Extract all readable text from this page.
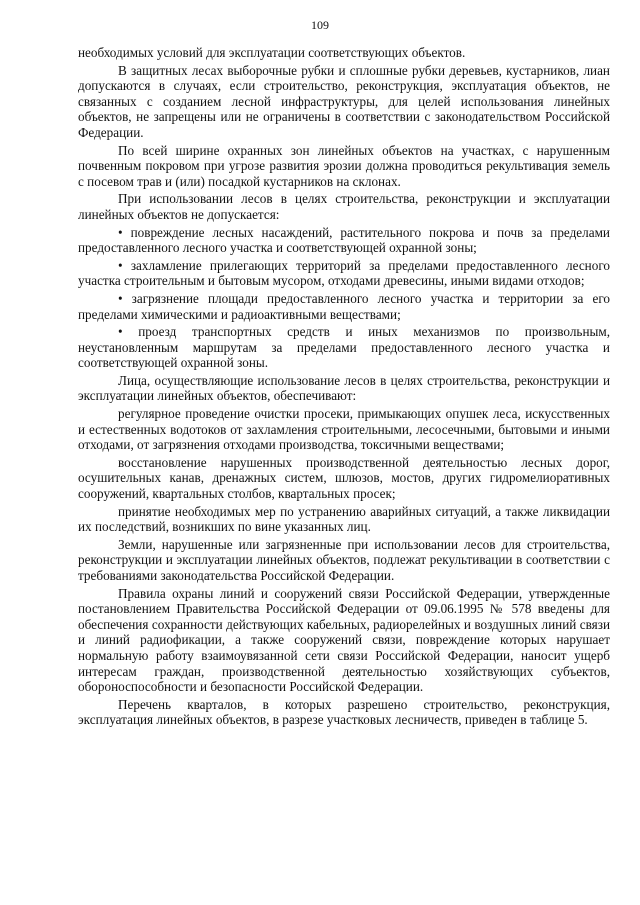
109

необходимых условий для эксплуатации соответствующих объектов.

В защитных лесах выборочные рубки и сплошные рубки деревьев, кустарников, лиан допускаются в случаях, если строительство, реконструкция, эксплуатация объектов, не связанных с созданием лесной инфраструктуры, для целей использования линейных объектов, не запрещены или не ограничены в соответствии с законодательством Российской Федерации.

По всей ширине охранных зон линейных объектов на участках, с нарушенным почвенным покровом при угрозе развития эрозии должна проводиться рекультивация земель с посевом трав и (или) посадкой кустарников на склонах.

При использовании лесов в целях строительства, реконструкции и эксплуатации линейных объектов не допускается:

• повреждение лесных насаждений, растительного покрова и почв за пределами предоставленного лесного участка и соответствующей охранной зоны;

• захламление прилегающих территорий за пределами предоставленного лесного участка строительным и бытовым мусором, отходами древесины, иными видами отходов;

• загрязнение площади предоставленного лесного участка и территории за его пределами химическими и радиоактивными веществами;

• проезд транспортных средств и иных механизмов по произвольным, неустановленным маршрутам за пределами предоставленного лесного участка и соответствующей охранной зоны.

Лица, осуществляющие использование лесов в целях строительства, реконструкции и эксплуатации линейных объектов, обеспечивают:

регулярное проведение очистки просеки, примыкающих опушек леса, искусственных и естественных водотоков от захламления строительными, лесосечными, бытовыми и иными отходами, от загрязнения отходами производства, токсичными веществами;

восстановление нарушенных производственной деятельностью лесных дорог, осушительных канав, дренажных систем, шлюзов, мостов, других гидромелиоративных сооружений, квартальных столбов, квартальных просек;

принятие необходимых мер по устранению аварийных ситуаций, а также ликвидации их последствий, возникших по вине указанных лиц.

Земли, нарушенные или загрязненные при использовании лесов для строительства, реконструкции и эксплуатации линейных объектов, подлежат рекультивации в соответствии с требованиями законодательства Российской Федерации.

Правила охраны линий и сооружений связи Российской Федерации, утвержденные постановлением Правительства Российской Федерации от 09.06.1995 № 578 введены для обеспечения сохранности действующих кабельных, радиорелейных и воздушных линий связи и линий радиофикации, а также сооружений связи, повреждение которых нарушает нормальную работу взаимоувязанной сети связи Российской Федерации, наносит ущерб интересам граждан, производственной деятельностью хозяйствующих субъектов, обороноспособности и безопасности Российской Федерации.

Перечень кварталов, в которых разрешено строительство, реконструкция, эксплуатация линейных объектов, в разрезе участковых лесничеств, приведен в таблице 5.
